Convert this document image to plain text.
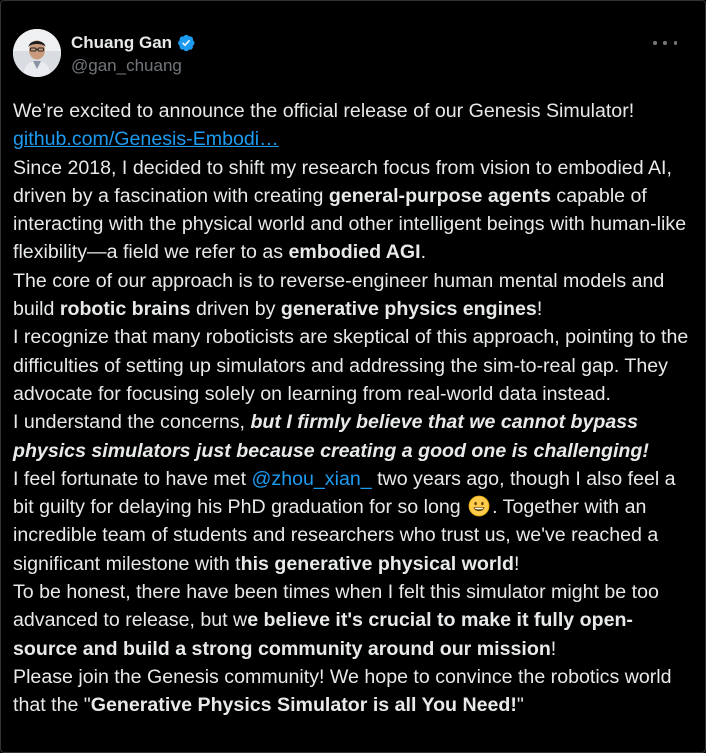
Chuang Gan
@gan_chuang

We’re excited to announce the official release of our Genesis Simulator!

github.com/Genesis-Embodi…

Since 2018, I decided to shift my research focus from vision to embodied AI, driven by a fascination with creating general-purpose agents capable of interacting with the physical world and other intelligent beings with human-like flexibility—a field we refer to as embodied AGI.

The core of our approach is to reverse-engineer human mental models and build robotic brains driven by generative physics engines!

I recognize that many roboticists are skeptical of this approach, pointing to the difficulties of setting up simulators and addressing the sim-to-real gap. They advocate for focusing solely on learning from real-world data instead.

I understand the concerns, but I firmly believe that we cannot bypass physics simulators just because creating a good one is challenging!

I feel fortunate to have met @zhou_xian_ two years ago, though I also feel a bit guilty for delaying his PhD graduation for so long . Together with an incredible team of students and researchers who trust us, we've reached a significant milestone with this generative physical world!

To be honest, there have been times when I felt this simulator might be too advanced to release, but we believe it's crucial to make it fully open-source and build a strong community around our mission!

Please join the Genesis community! We hope to convince the robotics world that the "Generative Physics Simulator is all You Need!"
